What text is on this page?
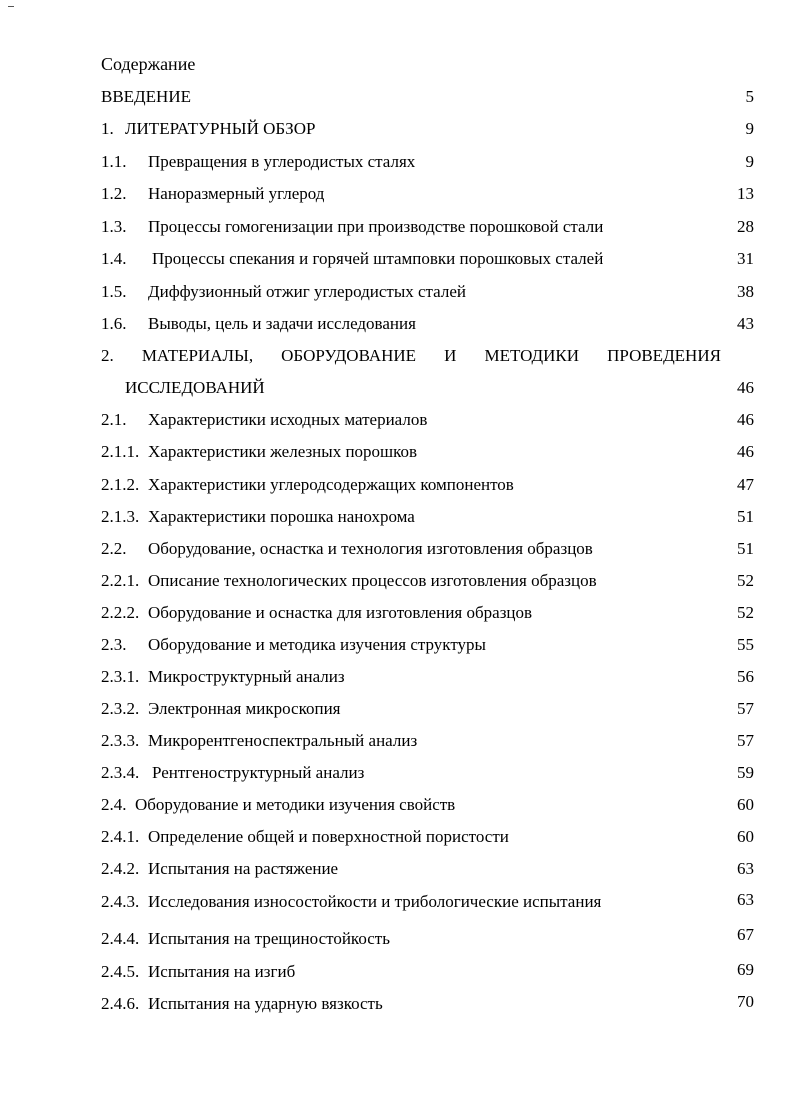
Содержание
ВВЕДЕНИЕ	5
1. ЛИТЕРАТУРНЫЙ ОБЗОР	9
1.1. Превращения в углеродистых сталях	9
1.2. Наноразмерный углерод	13
1.3. Процессы гомогенизации при производстве порошковой стали	28
1.4. Процессы спекания и горячей штамповки порошковых сталей	31
1.5. Диффузионный отжиг углеродистых сталей	38
1.6. Выводы, цель и задачи исследования	43
2. МАТЕРИАЛЫ, ОБОРУДОВАНИЕ И МЕТОДИКИ ПРОВЕДЕНИЯ
ИССЛЕДОВАНИЙ	46
2.1. Характеристики исходных материалов	46
2.1.1. Характеристики железных порошков	46
2.1.2. Характеристики углеродсодержащих компонентов	47
2.1.3. Характеристики порошка нанохрома	51
2.2. Оборудование, оснастка и технология изготовления образцов	51
2.2.1. Описание технологических процессов изготовления образцов	52
2.2.2. Оборудование и оснастка для изготовления образцов	52
2.3. Оборудование и методика изучения структуры	55
2.3.1. Микроструктурный анализ	56
2.3.2. Электронная микроскопия	57
2.3.3. Микрорентгеноспектральный анализ	57
2.3.4. Рентгеноструктурный анализ	59
2.4. Оборудование и методики изучения свойств	60
2.4.1. Определение общей и поверхностной пористости	60
2.4.2. Испытания на растяжение	63
2.4.3. Исследования износостойкости и трибологические испытания	63
2.4.4. Испытания на трещиностойкость	67
2.4.5. Испытания на изгиб	69
2.4.6. Испытания на ударную вязкость	70
